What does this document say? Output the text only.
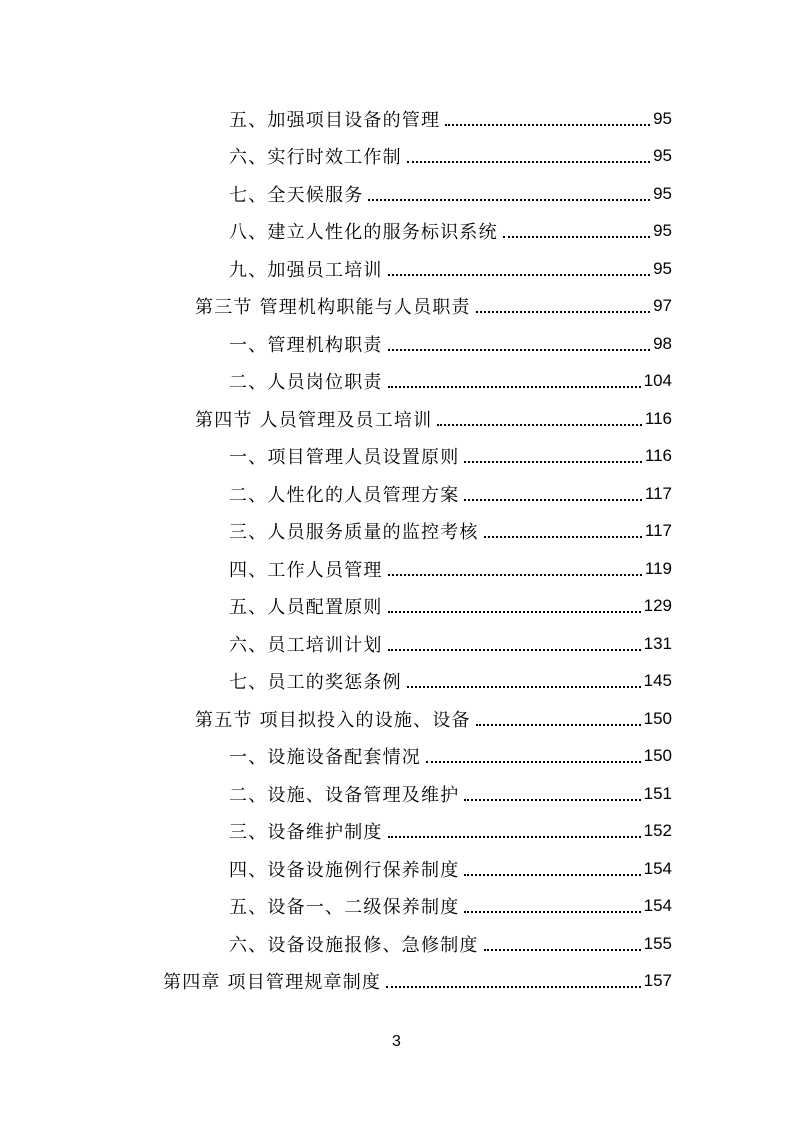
五、加强项目设备的管理	95
六、实行时效工作制	95
七、全天候服务	95
八、建立人性化的服务标识系统	95
九、加强员工培训	95
第三节 管理机构职能与人员职责	97
一、管理机构职责	98
二、人员岗位职责	104
第四节 人员管理及员工培训	116
一、项目管理人员设置原则	116
二、人性化的人员管理方案	117
三、人员服务质量的监控考核	117
四、工作人员管理	119
五、人员配置原则	129
六、员工培训计划	131
七、员工的奖惩条例	145
第五节 项目拟投入的设施、设备	150
一、设施设备配套情况	150
二、设施、设备管理及维护	151
三、设备维护制度	152
四、设备设施例行保养制度	154
五、设备一、二级保养制度	154
六、设备设施报修、急修制度	155
第四章 项目管理规章制度	157
3
